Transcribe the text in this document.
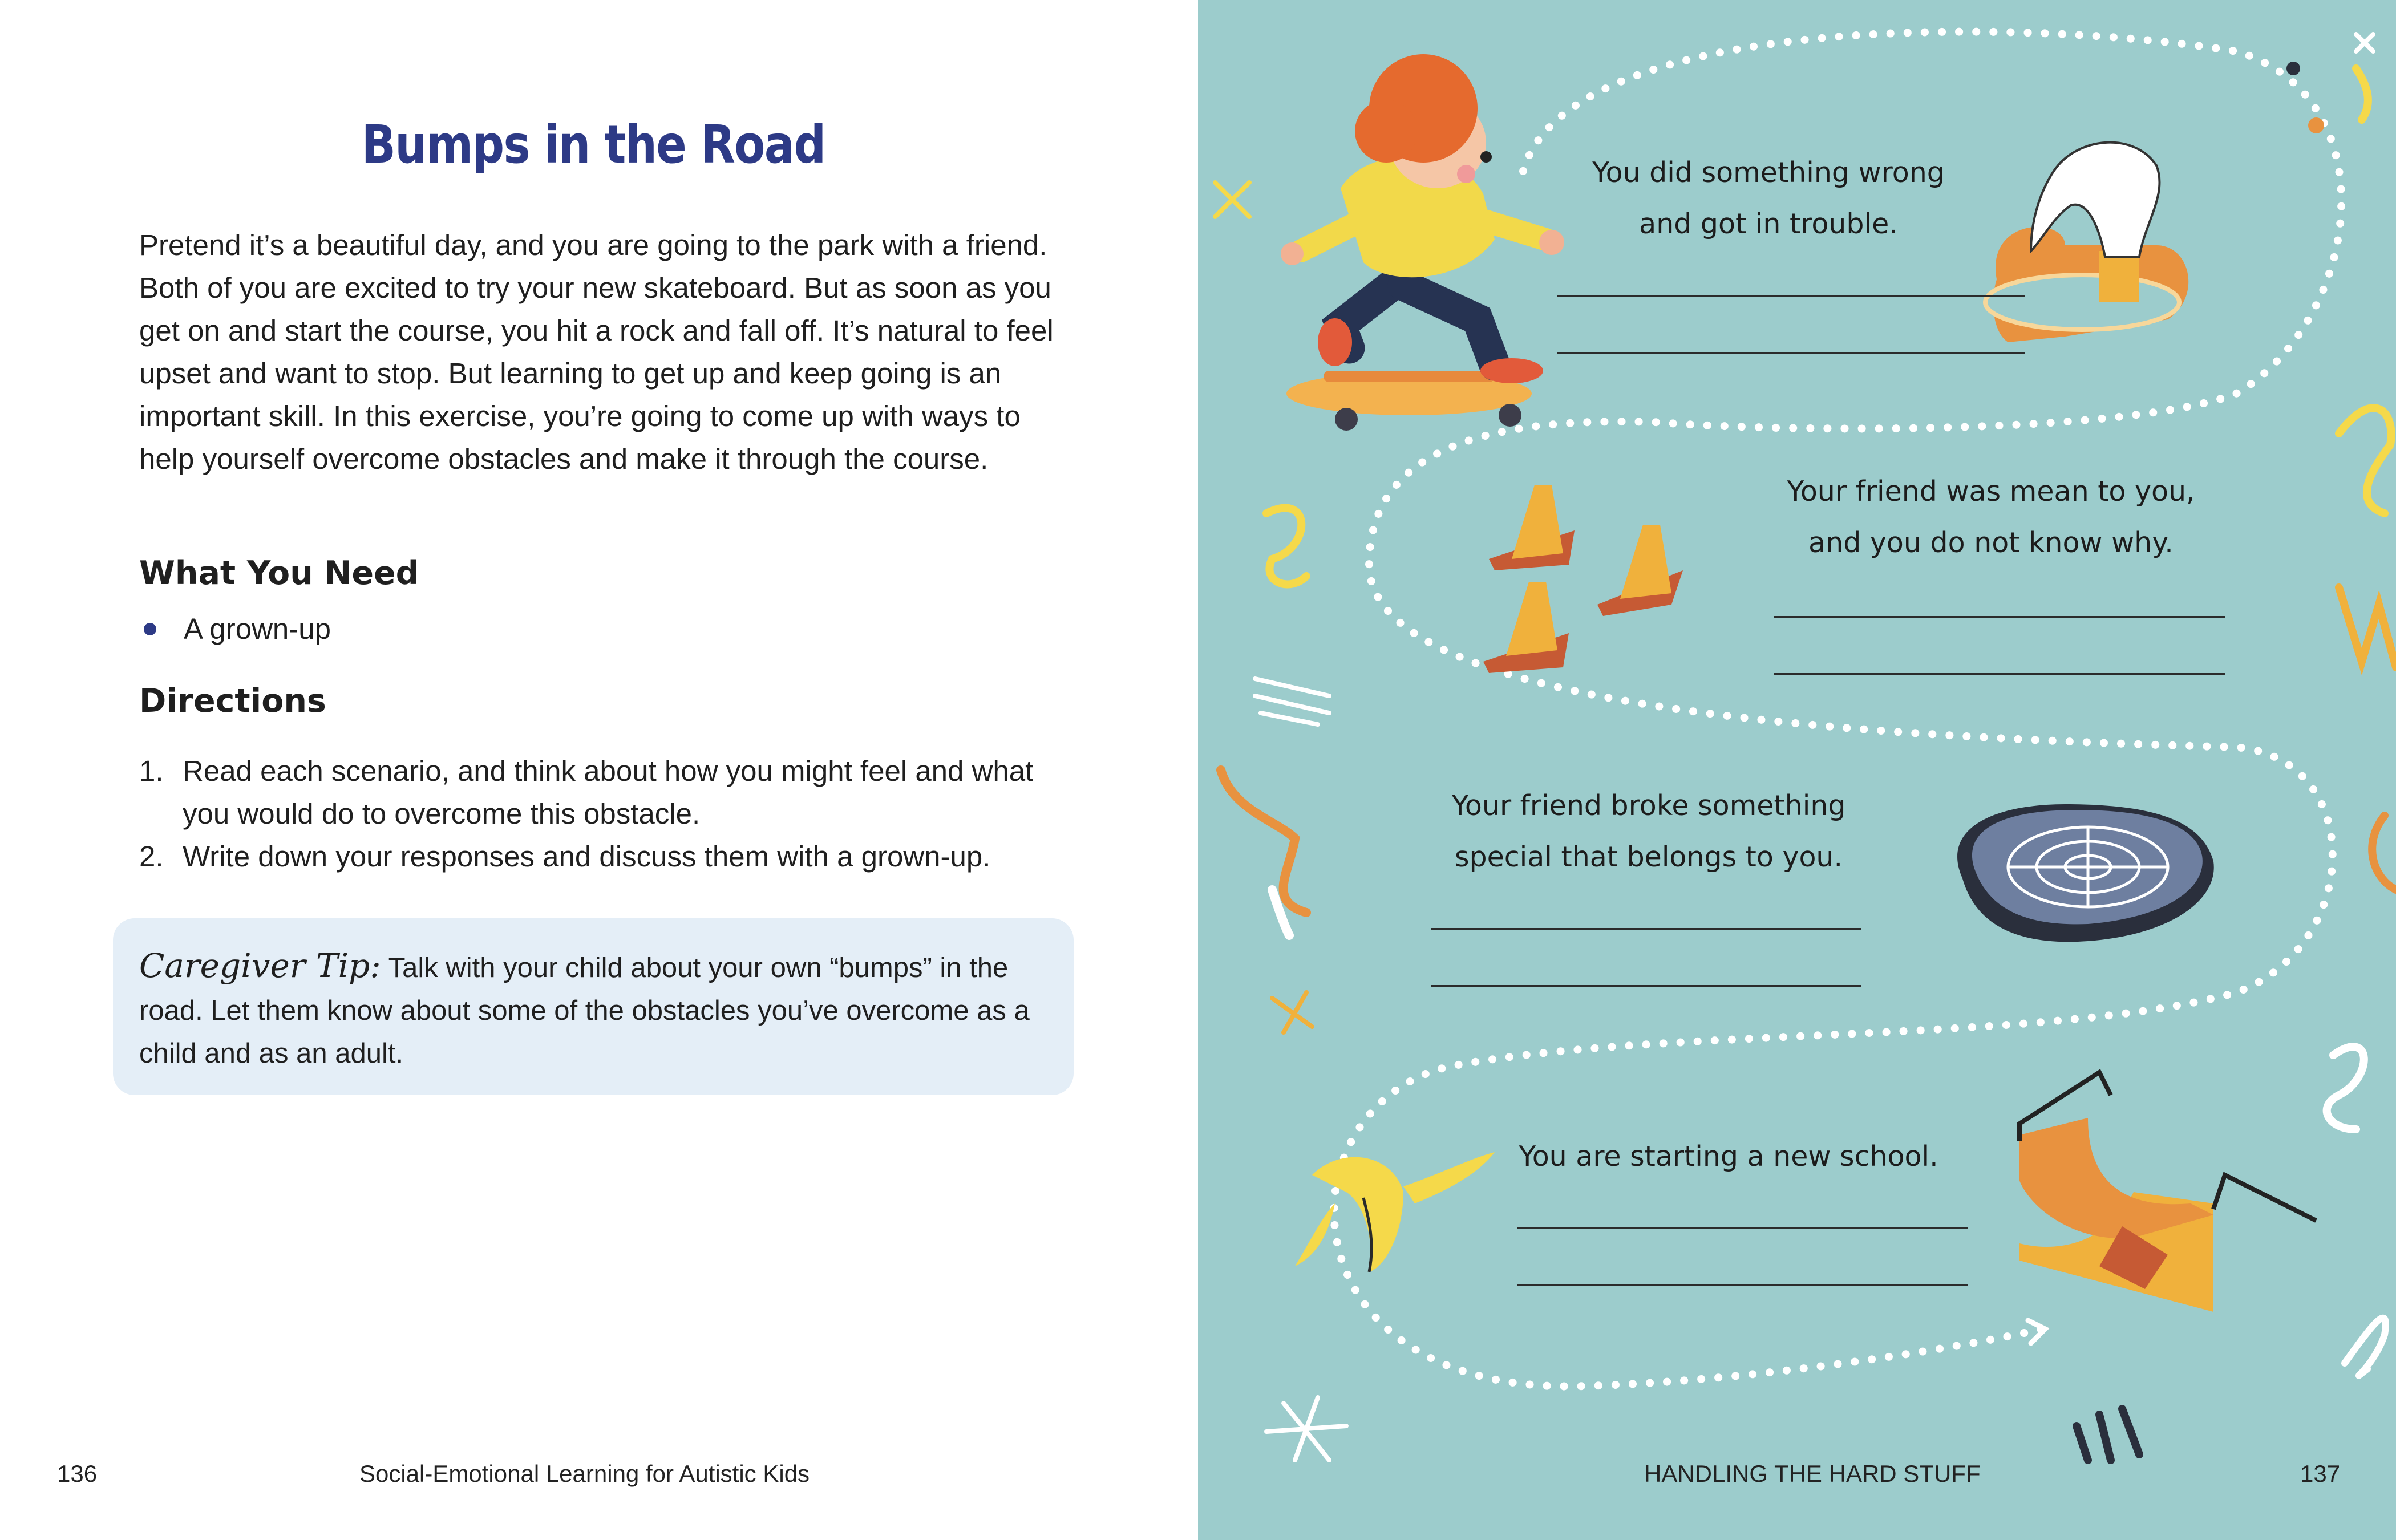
Bumps in the Road

Pretend it’s a beautiful day, and you are going to the park with a friend. Both of you are excited to try your new skateboard. But as soon as you get on and start the course, you hit a rock and fall off. It’s natural to feel upset and want to stop. But learning to get up and keep going is an important skill. In this exercise, you’re going to come up with ways to help yourself overcome obstacles and make it through the course.

What You Need
A grown-up
Directions
1. Read each scenario, and think about how you might feel and what you would do to overcome this obstacle.
2. Write down your responses and discuss them with a grown-up.

Caregiver Tip: Talk with your child about your own “bumps” in the road. Let them know about some of the obstacles you’ve overcome as a child and as an adult.

136	Social-Emotional Learning for Autistic Kids
You did something wrong
and got in trouble.
Your friend was mean to you,
and you do not know why.
Your friend broke something
special that belongs to you.
You are starting a new school.
HANDLING THE HARD STUFF	137
